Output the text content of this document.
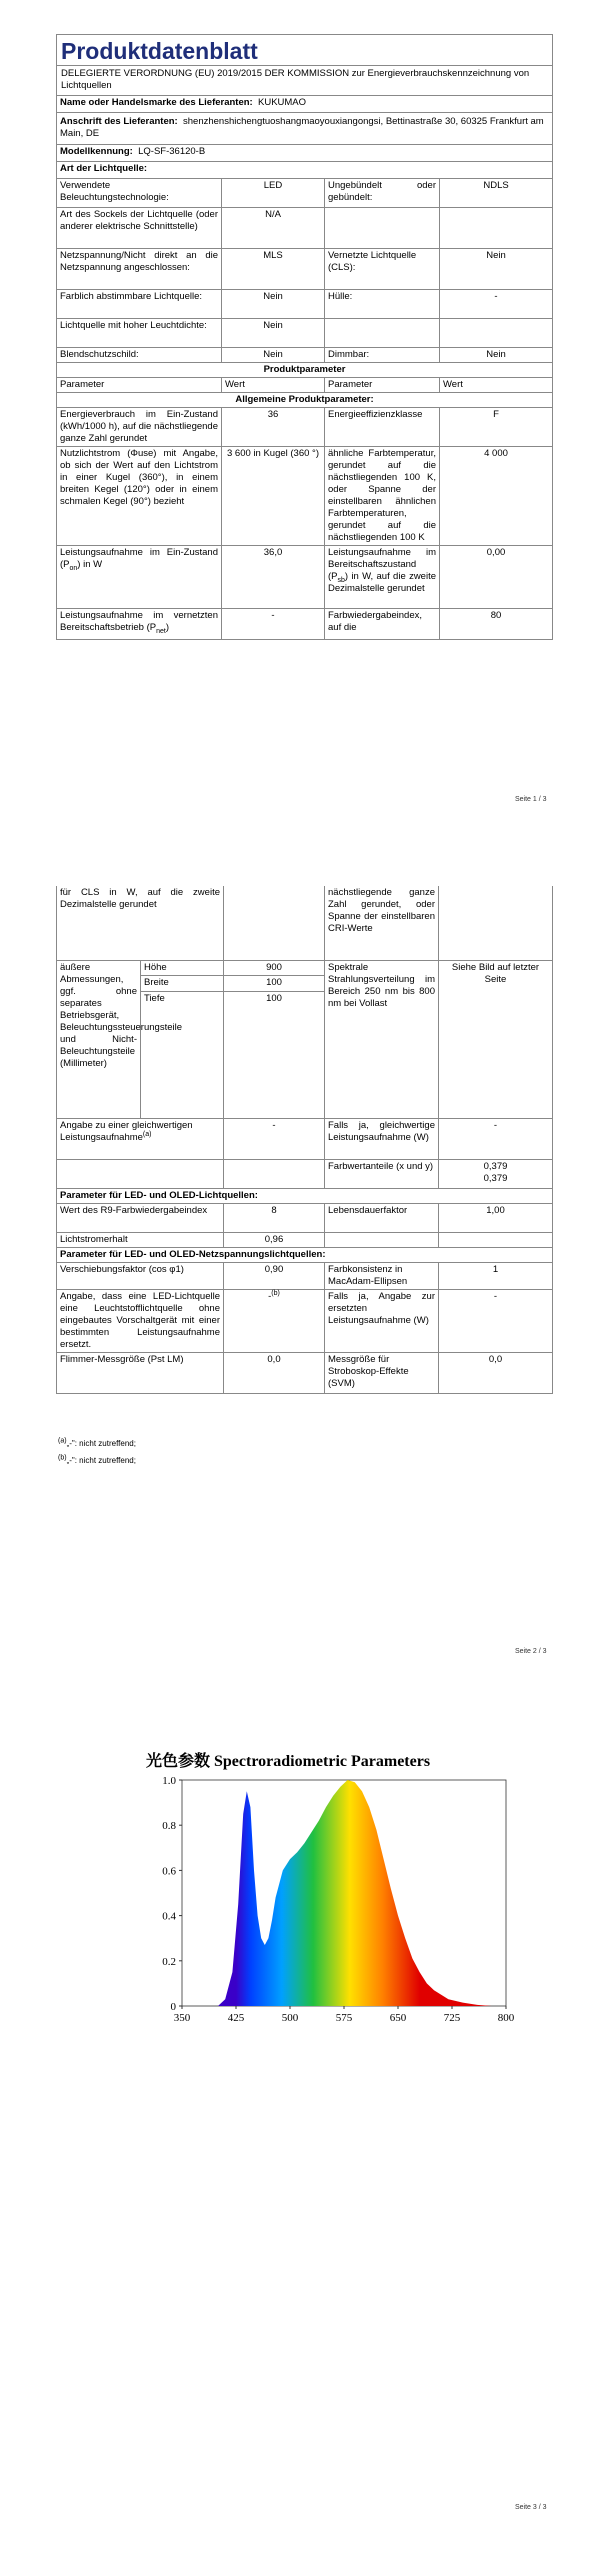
Produktdatenblatt			
DELEGIERTE VERORDNUNG (EU) 2019/2015 DER KOMMISSION zur Energieverbrauchskennzeichnung von Lichtquellen			
Name oder Handelsmarke des Lieferanten: KUKUMAO			
Anschrift des Lieferanten: shenzhenshichengtuoshangmaoyouxiangongsi, Bettinastraße 30, 60325 Frankfurt am Main, DE			
Modellkennung: LQ-SF-36120-B			
Art der Lichtquelle:			
Verwendete Beleuchtungstechnologie:	LED	Ungebündelt oder gebündelt:	NDLS
Art des Sockels der Lichtquelle (oder anderer elektrische Schnittstelle)	N/A		
Netzspannung/Nicht direkt an die Netzspannung angeschlossen:	MLS	Vernetzte Lichtquelle (CLS):	Nein
Farblich abstimmbare Lichtquelle:	Nein	Hülle:	-
Lichtquelle mit hoher Leuchtdichte:	Nein		
Blendschutzschild:	Nein	Dimmbar:	Nein
Produktparameter			
Parameter	Wert	Parameter	Wert
Allgemeine Produktparameter:			
Energieverbrauch im Ein-Zustand (kWh/1000 h), auf die nächstliegende ganze Zahl gerundet	36	Energieeffizienzklasse	F
Nutzlichtstrom (Φuse) mit Angabe, ob sich der Wert auf den Lichtstrom in einer Kugel (360°), in einem breiten Kegel (120°) oder in einem schmalen Kegel (90°) bezieht	3 600 in Kugel (360 °)	ähnliche Farbtemperatur, gerundet auf die nächstliegenden 100 K, oder Spanne der einstellbaren ähnlichen Farbtemperaturen, gerundet auf die nächstliegenden 100 K	4 000
Leistungsaufnahme im Ein-Zustand $(P_{on})$ in W	36,0	Leistungsaufnahme im Bereitschaftszustand $(P_{sb})$ in W, auf die zweite Dezimalstelle gerundet	0,00
Leistungsaufnahme im vernetzten Bereitschaftsbetrieb $(P_{net})$	-	Farbwiedergabeindex, auf die	80
Seite 1 / 3
für CLS in W, auf die zweite Dezimalstelle gerundet			nächstliegende ganze Zahl gerundet, oder Spanne der einstellbaren CRI-Werte	
äußere Abmessungen, ggf. ohne separates Betriebsgerät, Beleuchtungssteuerungsteile und Nicht-Beleuchtungsteile (Millimeter)	Höhe	900	Spektrale Strahlungsverteilung im Bereich 250 nm bis 800 nm bei Vollast	Siehe Bild auf letzter Seite
	Breite	100		
	Tiefe	100		
Angabe zu einer gleichwertigen Leistungsaufnahme$^{(a)}$		-	Falls ja, gleichwertige Leistungsaufnahme (W)	-
			Farbwertanteile (x und y)	0,379
0,379

Parameter für LED- und OLED-Lichtquellen:				
Wert des R9-Farbwiedergabeindex		8	Lebensdauerfaktor	1,00
Lichtstromerhalt		0,96		
Parameter für LED- und OLED-Netzspannungslichtquellen:				
Verschiebungsfaktor (cos φ1)		0,90	Farbkonsistenz in MacAdam-Ellipsen	1
Angabe, dass eine LED-Lichtquelle eine Leuchtstofflichtquelle ohne eingebautes Vorschaltgerät mit einer bestimmten Leistungsaufnahme ersetzt.		-$^{(b)}$	Falls ja, Angabe zur ersetzten Leistungsaufnahme (W)	-
Flimmer-Messgröße (Pst LM)		0,0	Messgröße für Stroboskop-Effekte (SVM)	0,0
$^{(a)}$„-": nicht zutreffend;
$^{(b)}$„-": nicht zutreffend;
Seite 2 / 3
Seite 3 / 3
光色参数 Spectroradiometric Parameters
350	425	500	575	650	725	800
0
0.2
0.4
0.6
0.8
1.0
